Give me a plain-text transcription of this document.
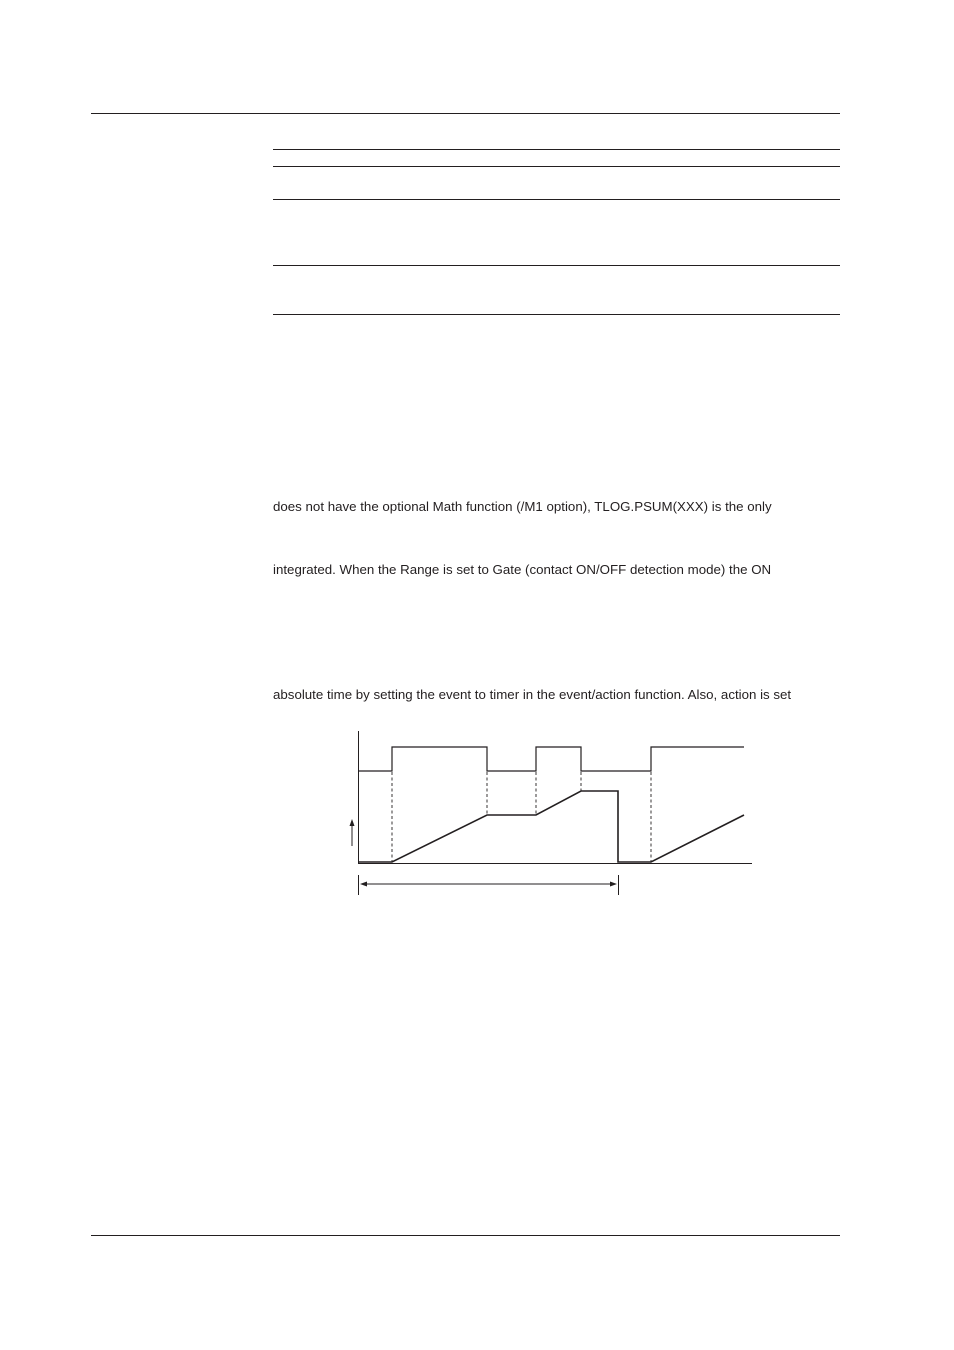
does not have the optional Math function (/M1 option), TLOG.PSUM(XXX) is the only
integrated. When the Range is set to Gate (contact ON/OFF detection mode) the ON
absolute time by setting the event to timer in the event/action function. Also, action is set
